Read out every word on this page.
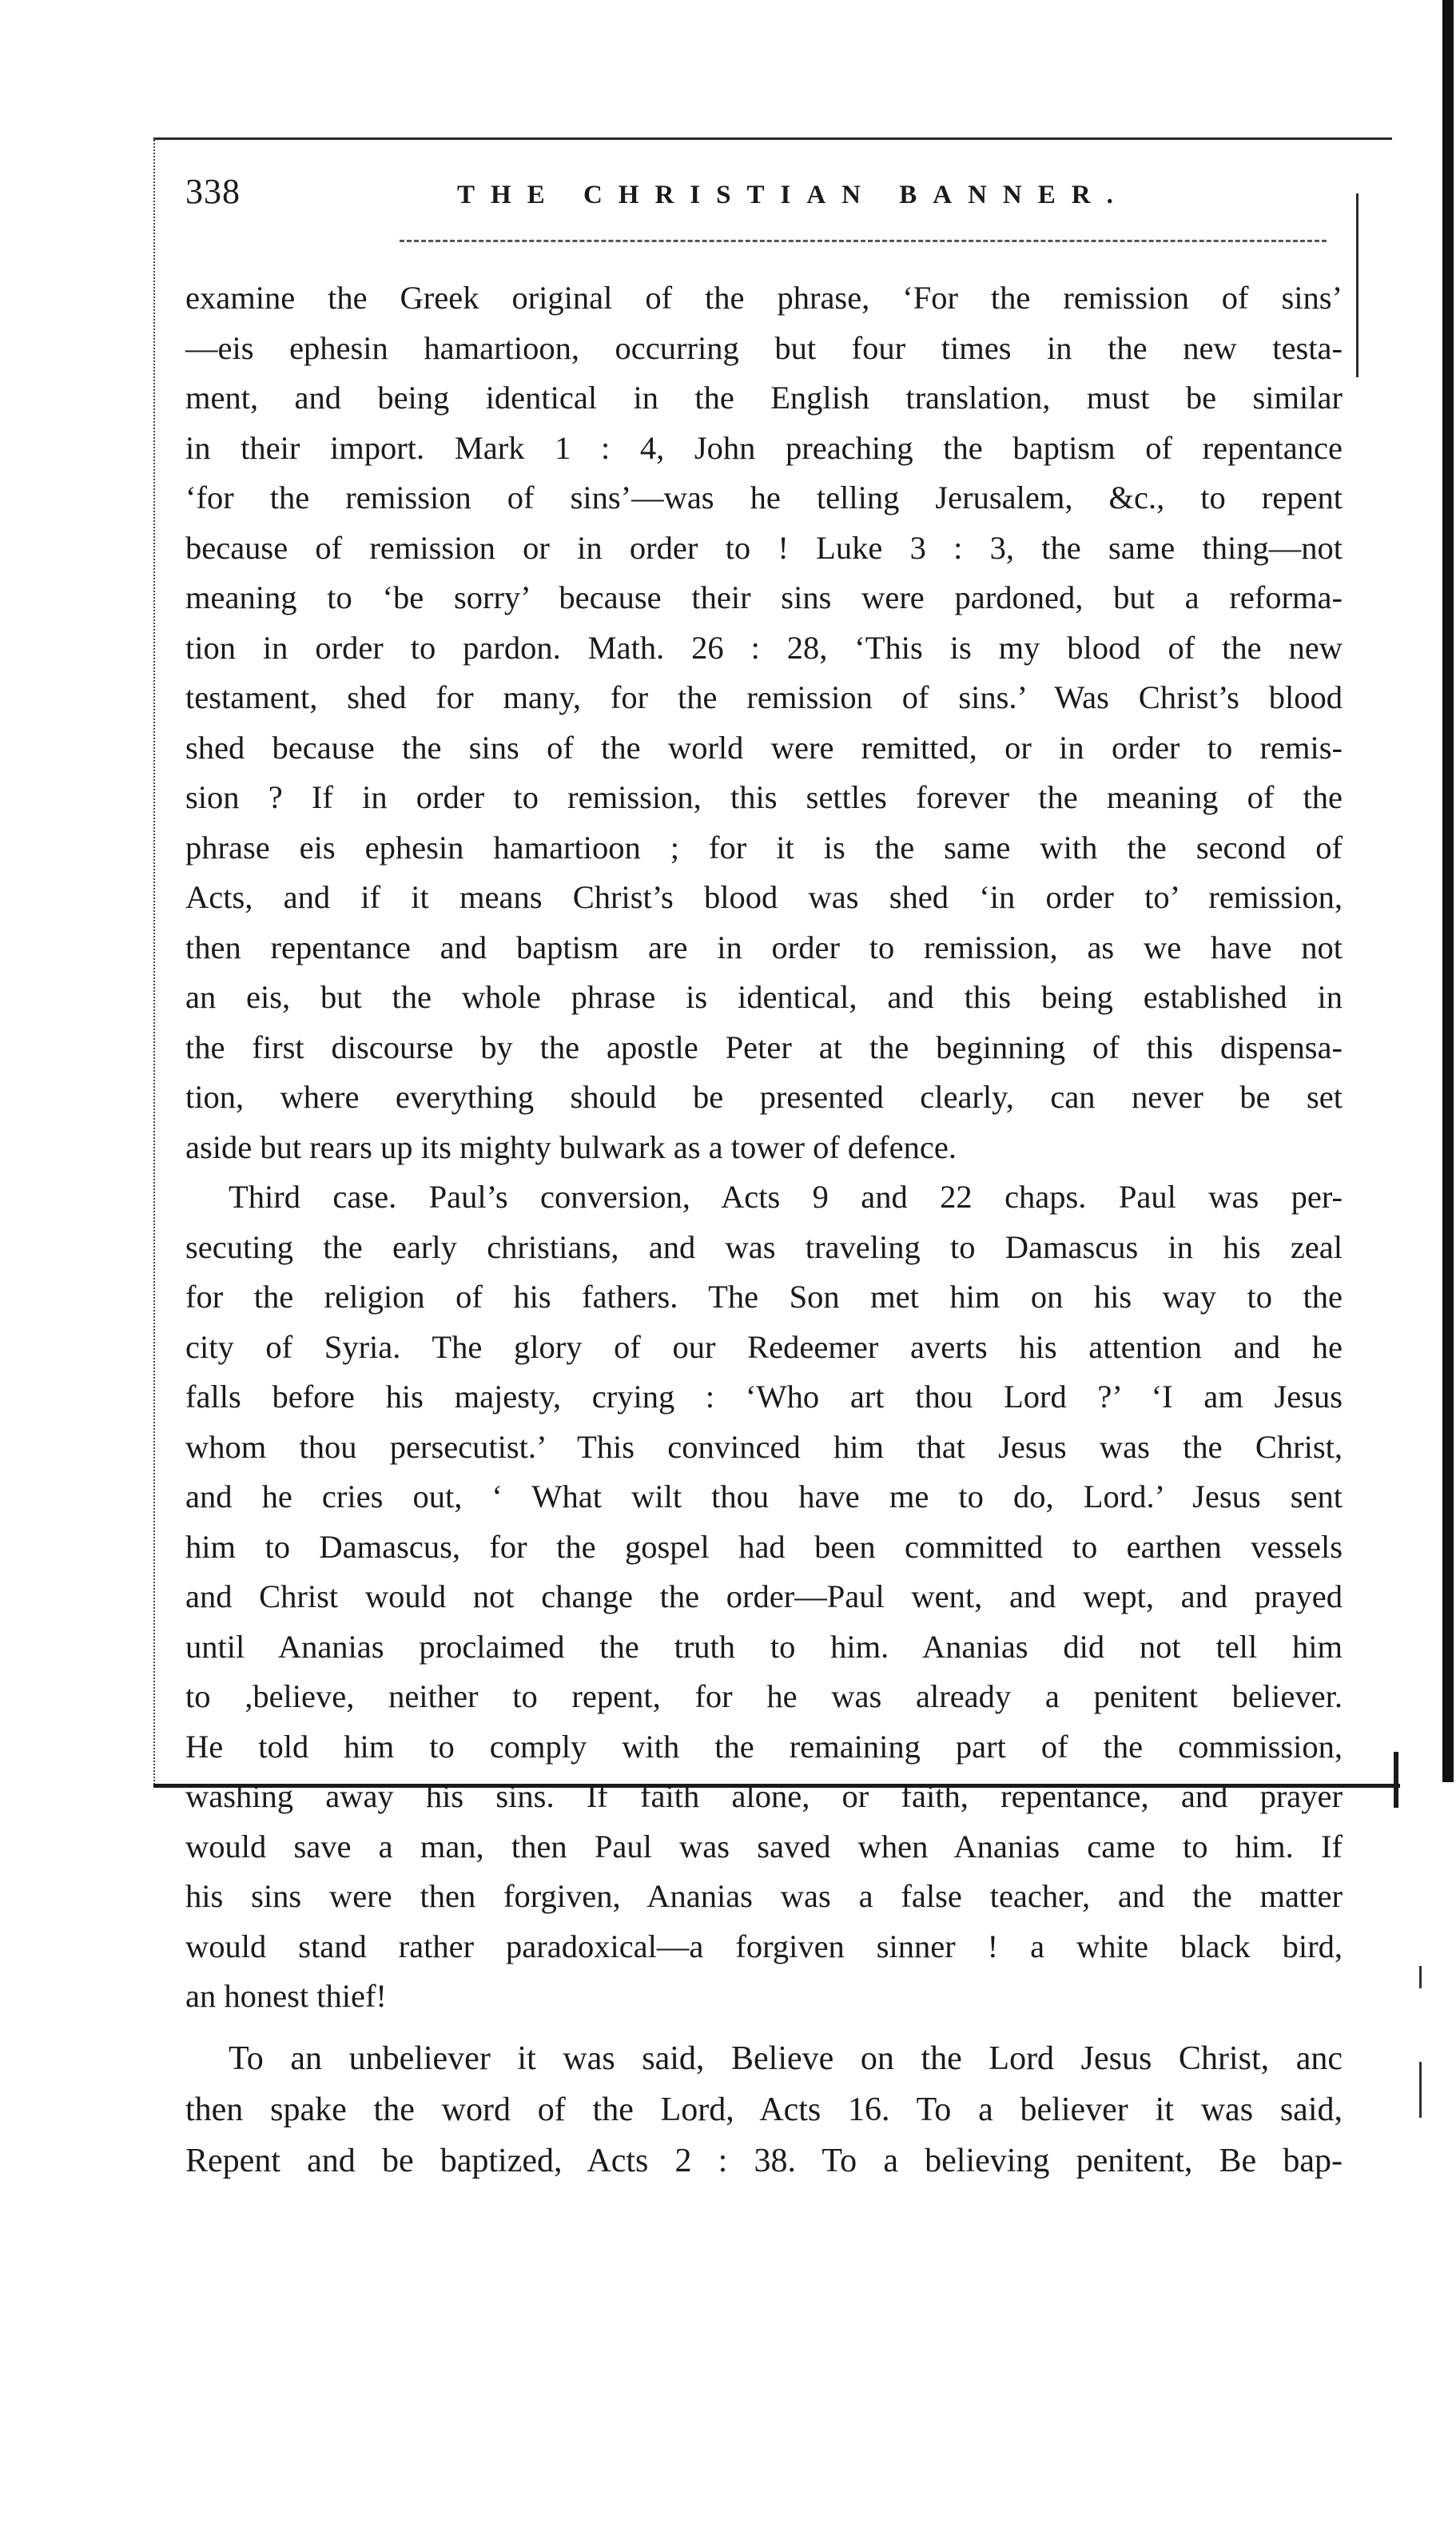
338	THE CHRISTIAN BANNER.

examine the Greek original of the phrase, ‘For the remission of sins’
—eis ephesin hamartioon, occurring but four times in the new testa-
ment, and being identical in the English translation, must be similar
in their import. Mark 1 : 4, John preaching the baptism of repentance
‘for the remission of sins’—was he telling Jerusalem, &c., to repent
because of remission or in order to ! Luke 3 : 3, the same thing—not
meaning to ‘be sorry’ because their sins were pardoned, but a reforma-
tion in order to pardon. Math. 26 : 28, ‘This is my blood of the new
testament, shed for many, for the remission of sins.’ Was Christ’s blood
shed because the sins of the world were remitted, or in order to remis-
sion ? If in order to remission, this settles forever the meaning of the
phrase eis ephesin hamartioon ; for it is the same with the second of
Acts, and if it means Christ’s blood was shed ‘in order to’ remission,
then repentance and baptism are in order to remission, as we have not
an eis, but the whole phrase is identical, and this being established in
the first discourse by the apostle Peter at the beginning of this dispensa-
tion, where everything should be presented clearly, can never be set
aside but rears up its mighty bulwark as a tower of defence.

Third case. Paul’s conversion, Acts 9 and 22 chaps. Paul was per-
secuting the early christians, and was traveling to Damascus in his zeal
for the religion of his fathers. The Son met him on his way to the
city of Syria. The glory of our Redeemer averts his attention and he
falls before his majesty, crying : ‘Who art thou Lord ?’ ‘I am Jesus
whom thou persecutist.’ This convinced him that Jesus was the Christ,
and he cries out, ‘ What wilt thou have me to do, Lord.’ Jesus sent
him to Damascus, for the gospel had been committed to earthen vessels
and Christ would not change the order—Paul went, and wept, and prayed
until Ananias proclaimed the truth to him. Ananias did not tell him
to ,believe, neither to repent, for he was already a penitent believer.
He told him to comply with the remaining part of the commission,
washing away his sins. If faith alone, or faith, repentance, and prayer
would save a man, then Paul was saved when Ananias came to him. If
his sins were then forgiven, Ananias was a false teacher, and the matter
would stand rather paradoxical—a forgiven sinner ! a white black bird,
an honest thief!

To an unbeliever it was said, Believe on the Lord Jesus Christ, anc
then spake the word of the Lord, Acts 16. To a believer it was said,
Repent and be baptized, Acts 2 : 38. To a believing penitent, Be bap-
